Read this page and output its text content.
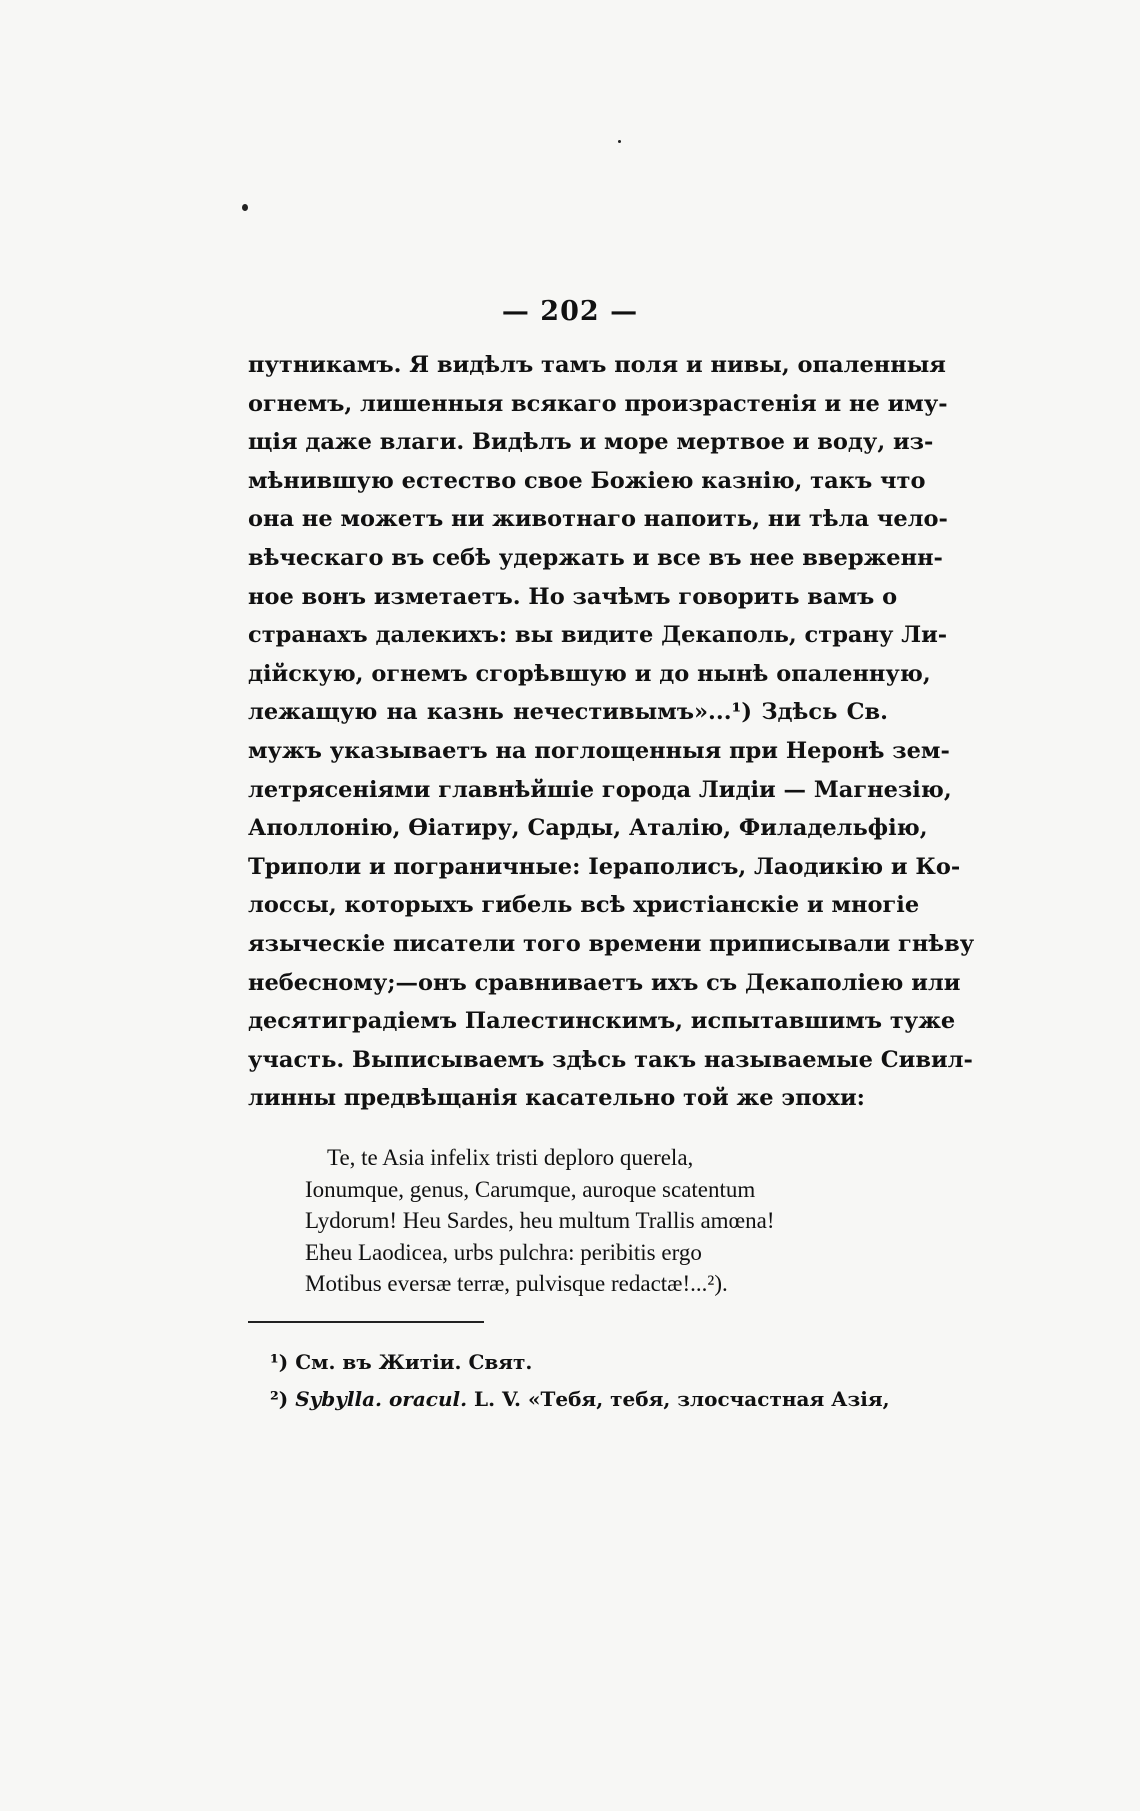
— 202 —
путникамъ. Я видѣлъ тамъ поля и нивы, опаленныя
огнемъ, лишенныя всякаго произрастенія и не иму-
щія даже влаги. Видѣлъ и море мертвое и воду, из-
мѣнившую естество свое Божіею казнію, такъ что
она не можетъ ни животнаго напоить, ни тѣла чело-
вѣческаго въ себѣ удержать и все въ нее вверженн-
ное вонъ изметаетъ. Но зачѣмъ говорить вамъ о
странахъ далекихъ: вы видите Декаполь, страну Ли-
дійскую, огнемъ сгорѣвшую и до нынѣ опаленную,
лежащую на казнь нечестивымъ»...¹) Здѣсь Св.
мужъ указываетъ на поглощенныя при Неронѣ зем-
летрясеніями главнѣйшіе города Лидіи — Магнезію,
Аполлонію, Ѳіатиру, Сарды, Аталію, Филадельфію,
Триполи и пограничные: Іераполисъ, Лаодикію и Ко-
лоссы, которыхъ гибель всѣ христіанскіе и многіе
языческіе писатели того времени приписывали гнѣву
небесному;—онъ сравниваетъ ихъ съ Декаполіею или
десятиградіемъ Палестинскимъ, испытавшимъ туже
участь. Выписываемъ здѣсь такъ называемые Сивил-
линны предвѣщанія касательно той же эпохи:
Te, te Asia infelix tristi deploro querela,
Ionumque, genus, Carumque, auroque scatentum
Lydorum! Heu Sardes, heu multum Trallis amœna!
Eheu Laodicea, urbs pulchra: peribitis ergo
Motibus eversæ terræ, pulvisque redactæ!...²).
¹) См. въ Житіи. Свят.
²) Sybylla. oracul. L. V. «Тебя, тебя, злосчастная Азія,
